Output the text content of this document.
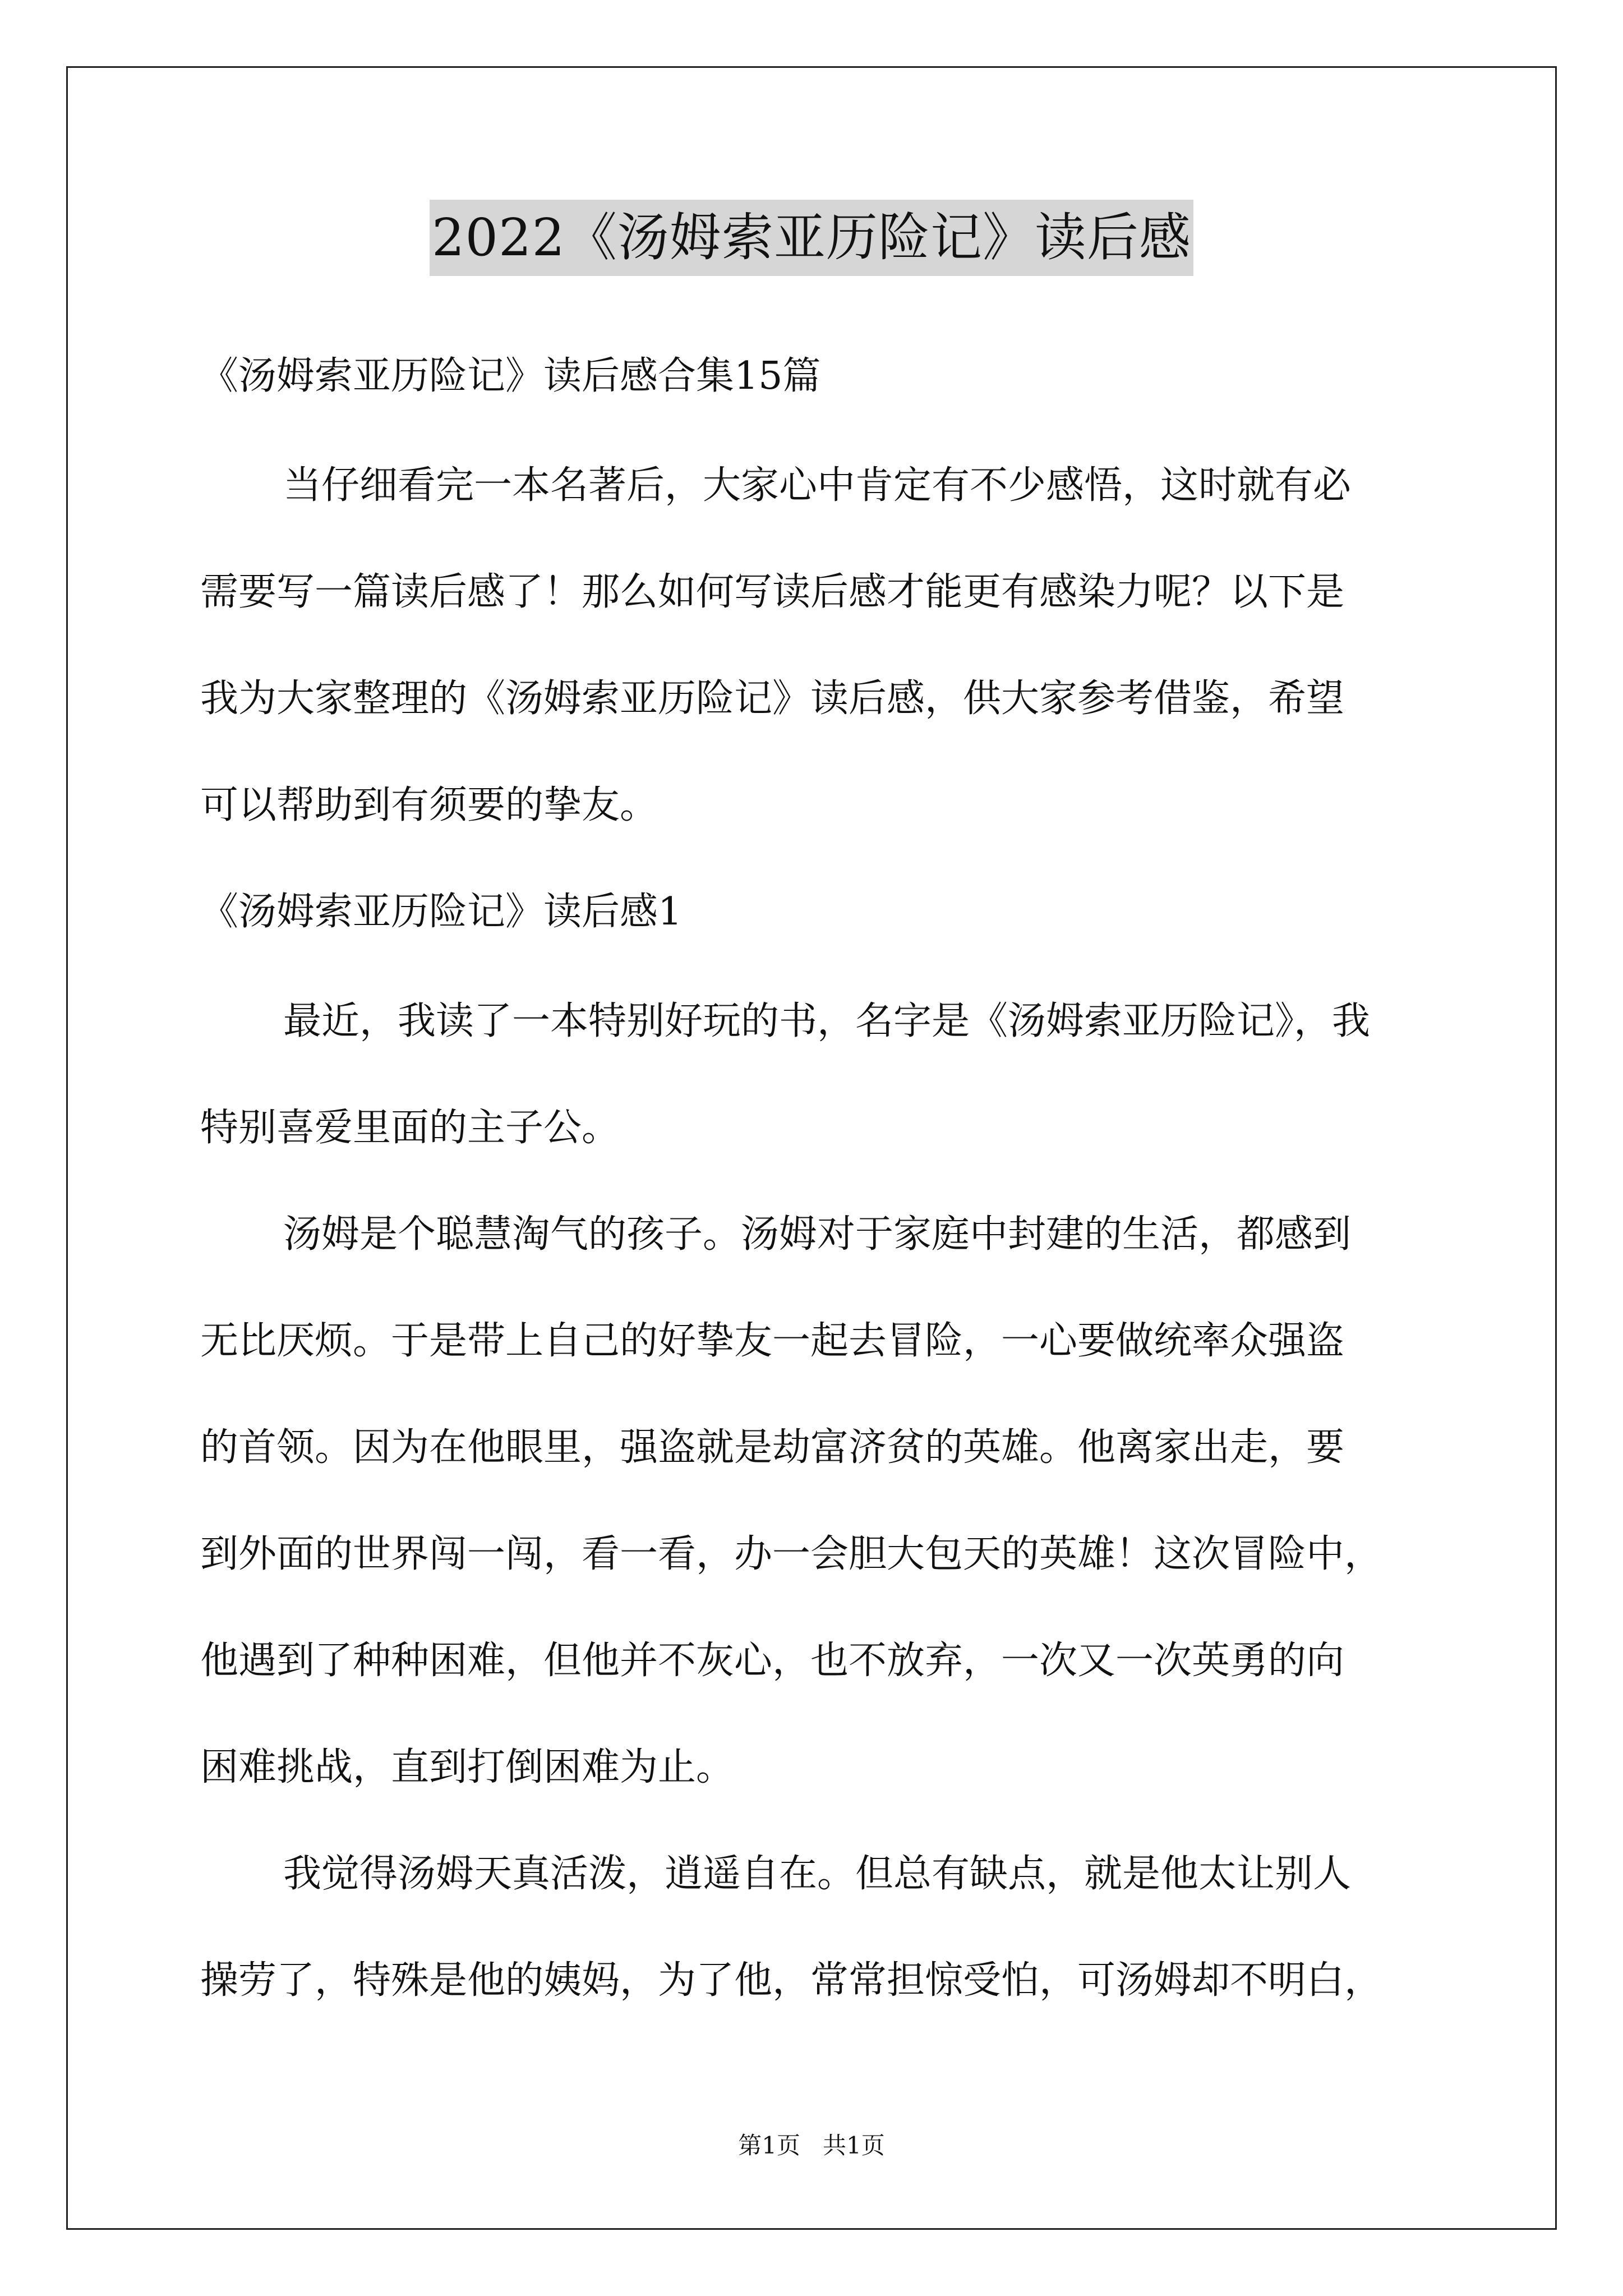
2022《汤姆索亚历险记》读后感
《汤姆索亚历险记》读后感合集15篇
当仔细看完一本名著后，大家心中肯定有不少感悟，这时就有必
需要写一篇读后感了！那么如何写读后感才能更有感染力呢？以下是
我为大家整理的《汤姆索亚历险记》读后感，供大家参考借鉴，希望
可以帮助到有须要的挚友。
《汤姆索亚历险记》读后感1
最近，我读了一本特别好玩的书，名字是《汤姆索亚历险记》，我
特别喜爱里面的主子公。
汤姆是个聪慧淘气的孩子。汤姆对于家庭中封建的生活，都感到
无比厌烦。于是带上自己的好挚友一起去冒险，一心要做统率众强盗
的首领。因为在他眼里，强盗就是劫富济贫的英雄。他离家出走，要
到外面的世界闯一闯，看一看，办一会胆大包天的英雄！这次冒险中，
他遇到了种种困难，但他并不灰心，也不放弃，一次又一次英勇的向
困难挑战，直到打倒困难为止。
我觉得汤姆天真活泼，逍遥自在。但总有缺点，就是他太让别人
操劳了，特殊是他的姨妈，为了他，常常担惊受怕，可汤姆却不明白，
第1页   共1页
